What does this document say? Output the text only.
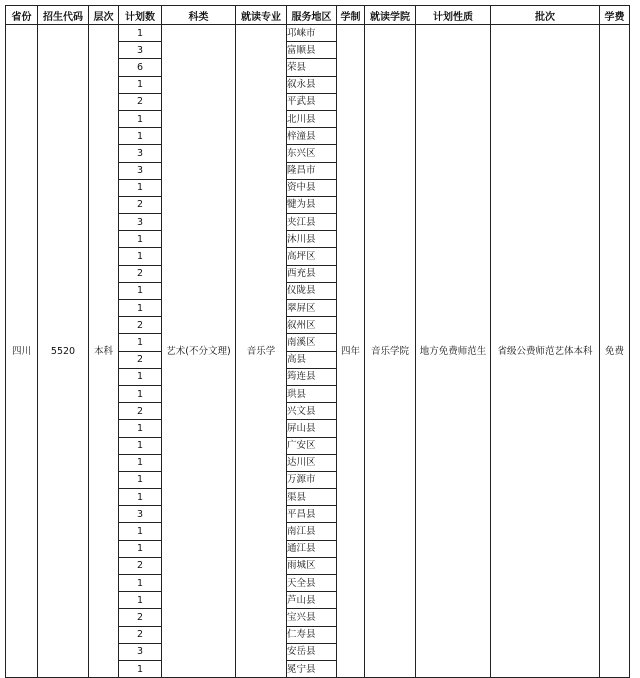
省份	招生代码	层次	计划数	科类	就读专业	服务地区	学制	就读学院	计划性质	批次	学费
四川	5520	本科	1	艺术(不分文理)	音乐学	邛崃市	四年	音乐学院	地方免费师范生	省级公费师范艺体本科	免费
			3			富顺县					
			6			荣县					
			1			叙永县					
			2			平武县					
			1			北川县					
			1			梓潼县					
			3			东兴区					
			3			隆昌市					
			1			资中县					
			2			犍为县					
			3			夹江县					
			1			沐川县					
			1			高坪区					
			2			西充县					
			1			仪陇县					
			1			翠屏区					
			2			叙州区					
			1			南溪区					
			2			高县					
			1			筠连县					
			1			珙县					
			2			兴文县					
			1			屏山县					
			1			广安区					
			1			达川区					
			1			万源市					
			1			渠县					
			3			平昌县					
			1			南江县					
			1			通江县					
			2			雨城区					
			1			天全县					
			1			芦山县					
			2			宝兴县					
			2			仁寿县					
			3			安岳县					
			1			冕宁县					
